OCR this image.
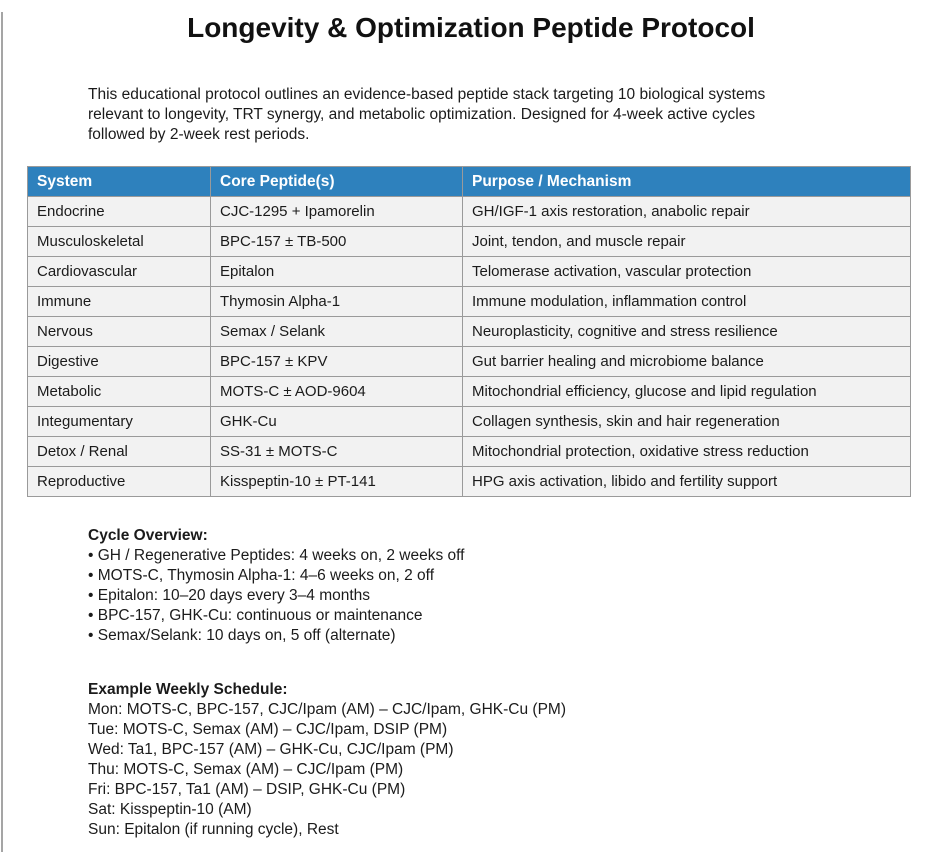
Longevity & Optimization Peptide Protocol
This educational protocol outlines an evidence-based peptide stack targeting 10 biological systems
relevant to longevity, TRT synergy, and metabolic optimization. Designed for 4-week active cycles
followed by 2-week rest periods.
System	Core Peptide(s)	Purpose / Mechanism
Endocrine	CJC-1295 + Ipamorelin	GH/IGF-1 axis restoration, anabolic repair
Musculoskeletal	BPC-157 ± TB-500	Joint, tendon, and muscle repair
Cardiovascular	Epitalon	Telomerase activation, vascular protection
Immune	Thymosin Alpha-1	Immune modulation, inflammation control
Nervous	Semax / Selank	Neuroplasticity, cognitive and stress resilience
Digestive	BPC-157 ± KPV	Gut barrier healing and microbiome balance
Metabolic	MOTS-C ± AOD-9604	Mitochondrial efficiency, glucose and lipid regulation
Integumentary	GHK-Cu	Collagen synthesis, skin and hair regeneration
Detox / Renal	SS-31 ± MOTS-C	Mitochondrial protection, oxidative stress reduction
Reproductive	Kisspeptin-10 ± PT-141	HPG axis activation, libido and fertility support
Cycle Overview:
• GH / Regenerative Peptides: 4 weeks on, 2 weeks off
• MOTS-C, Thymosin Alpha-1: 4–6 weeks on, 2 off
• Epitalon: 10–20 days every 3–4 months
• BPC-157, GHK-Cu: continuous or maintenance
• Semax/Selank: 10 days on, 5 off (alternate)
Example Weekly Schedule:
Mon: MOTS-C, BPC-157, CJC/Ipam (AM) – CJC/Ipam, GHK-Cu (PM)
Tue: MOTS-C, Semax (AM) – CJC/Ipam, DSIP (PM)
Wed: Ta1, BPC-157 (AM) – GHK-Cu, CJC/Ipam (PM)
Thu: MOTS-C, Semax (AM) – CJC/Ipam (PM)
Fri: BPC-157, Ta1 (AM) – DSIP, GHK-Cu (PM)
Sat: Kisspeptin-10 (AM)
Sun: Epitalon (if running cycle), Rest
